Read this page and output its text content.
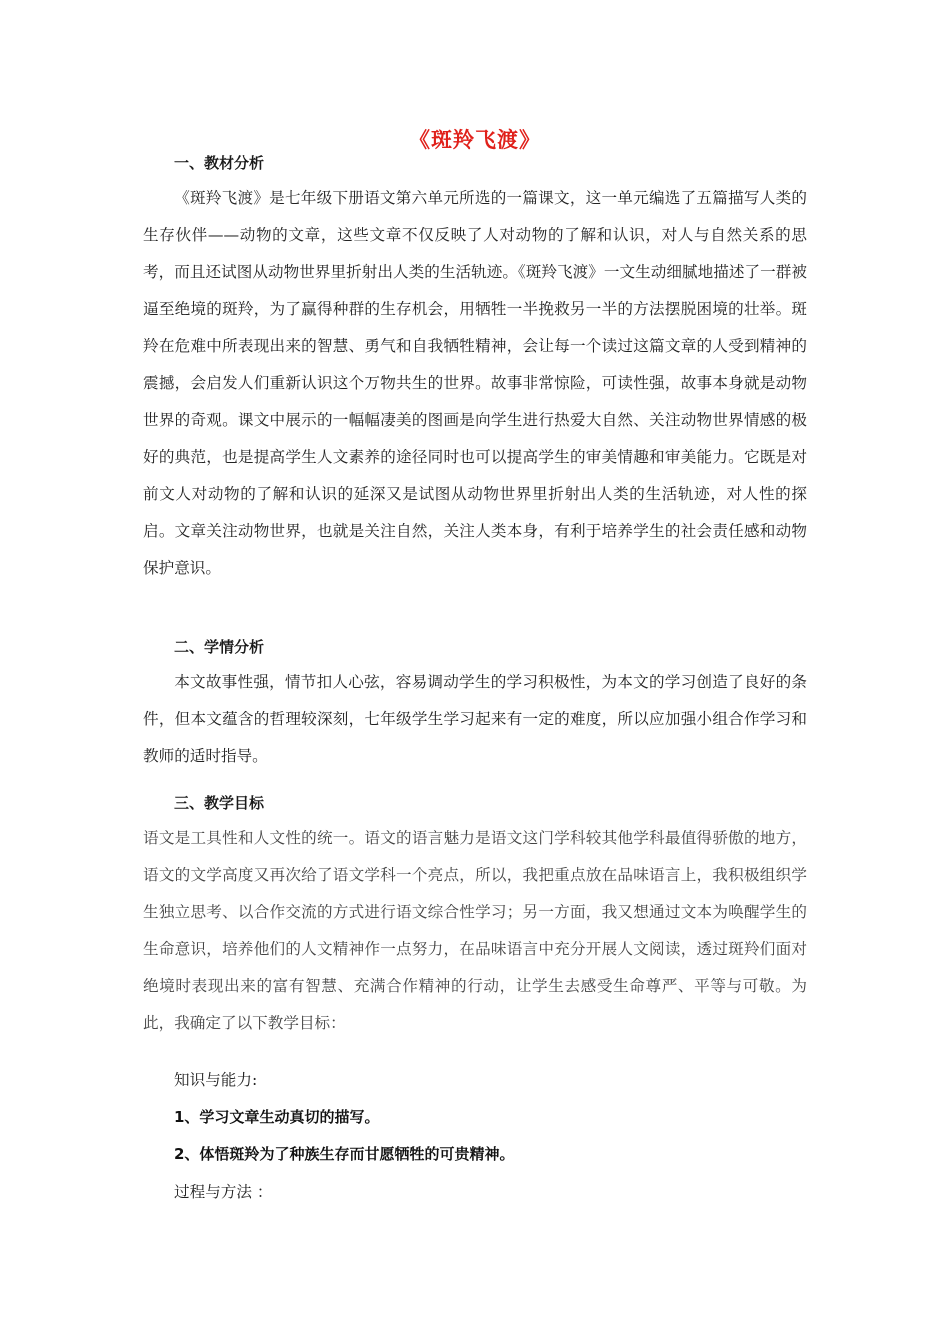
《斑羚飞渡》
一、教材分析
《斑羚飞渡》是七年级下册语文第六单元所选的一篇课文，这一单元编选了五篇描写人类的生存伙伴——动物的文章，这些文章不仅反映了人对动物的了解和认识，对人与自然关系的思考，而且还试图从动物世界里折射出人类的生活轨迹。《斑羚飞渡》一文生动细腻地描述了一群被逼至绝境的斑羚，为了赢得种群的生存机会，用牺牲一半挽救另一半的方法摆脱困境的壮举。斑羚在危难中所表现出来的智慧、勇气和自我牺牲精神，会让每一个读过这篇文章的人受到精神的震撼，会启发人们重新认识这个万物共生的世界。故事非常惊险，可读性强，故事本身就是动物世界的奇观。课文中展示的一幅幅凄美的图画是向学生进行热爱大自然、关注动物世界情感的极好的典范，也是提高学生人文素养的途径同时也可以提高学生的审美情趣和审美能力。它既是对前文人对动物的了解和认识的延深又是试图从动物世界里折射出人类的生活轨迹，对人性的探启。文章关注动物世界，也就是关注自然，关注人类本身，有利于培养学生的社会责任感和动物保护意识。
二、学情分析
本文故事性强，情节扣人心弦，容易调动学生的学习积极性，为本文的学习创造了良好的条件，但本文蕴含的哲理较深刻，七年级学生学习起来有一定的难度，所以应加强小组合作学习和教师的适时指导。
三、教学目标
语文是工具性和人文性的统一。语文的语言魅力是语文这门学科较其他学科最值得骄傲的地方，语文的文学高度又再次给了语文学科一个亮点，所以，我把重点放在品味语言上，我积极组织学生独立思考、以合作交流的方式进行语文综合性学习；另一方面，我又想通过文本为唤醒学生的生命意识，培养他们的人文精神作一点努力，在品味语言中充分开展人文阅读，透过斑羚们面对绝境时表现出来的富有智慧、充满合作精神的行动，让学生去感受生命尊严、平等与可敬。为此，我确定了以下教学目标：
知识与能力:
1、学习文章生动真切的描写。
2、体悟斑羚为了种族生存而甘愿牺牲的可贵精神。
过程与方法 ：
